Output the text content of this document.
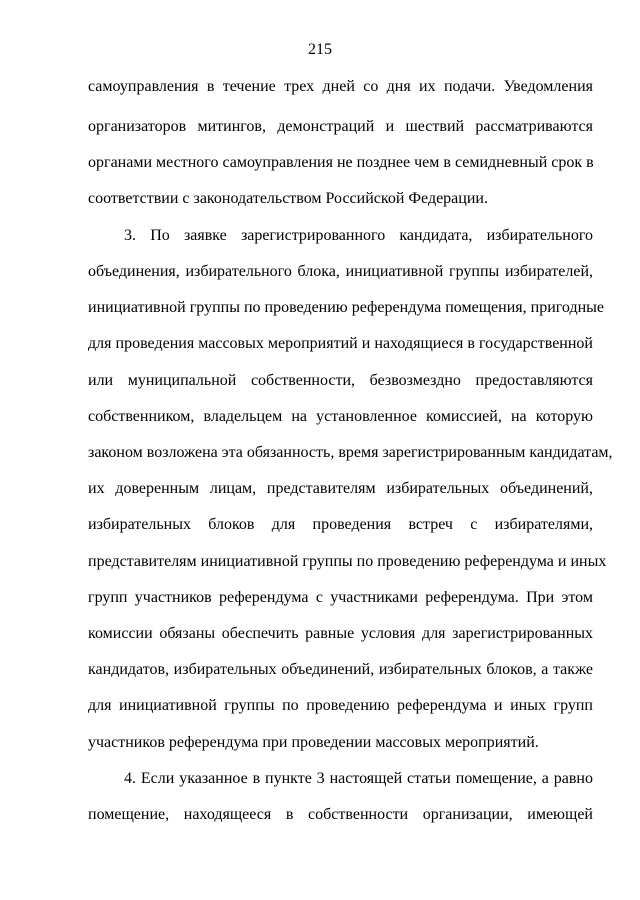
215
самоуправления в течение трех дней со дня их подачи. Уведомления
организаторов митингов, демонстраций и шествий рассматриваются
органами местного самоуправления не позднее чем в семидневный срок в
соответствии с законодательством Российской Федерации.
3. По заявке зарегистрированного кандидата, избирательного
объединения, избирательного блока, инициативной группы избирателей,
инициативной группы по проведению референдума помещения, пригодные
для проведения массовых мероприятий и находящиеся в государственной
или муниципальной собственности, безвозмездно предоставляются
собственником, владельцем на установленное комиссией, на которую
законом возложена эта обязанность, время зарегистрированным кандидатам,
их доверенным лицам, представителям избирательных объединений,
избирательных блоков для проведения встреч с избирателями,
представителям инициативной группы по проведению референдума и иных
групп участников референдума с участниками референдума. При этом
комиссии обязаны обеспечить равные условия для зарегистрированных
кандидатов, избирательных объединений, избирательных блоков, а также
для инициативной группы по проведению референдума и иных групп
участников референдума при проведении массовых мероприятий.
4. Если указанное в пункте 3 настоящей статьи помещение, а равно
помещение, находящееся в собственности организации, имеющей
